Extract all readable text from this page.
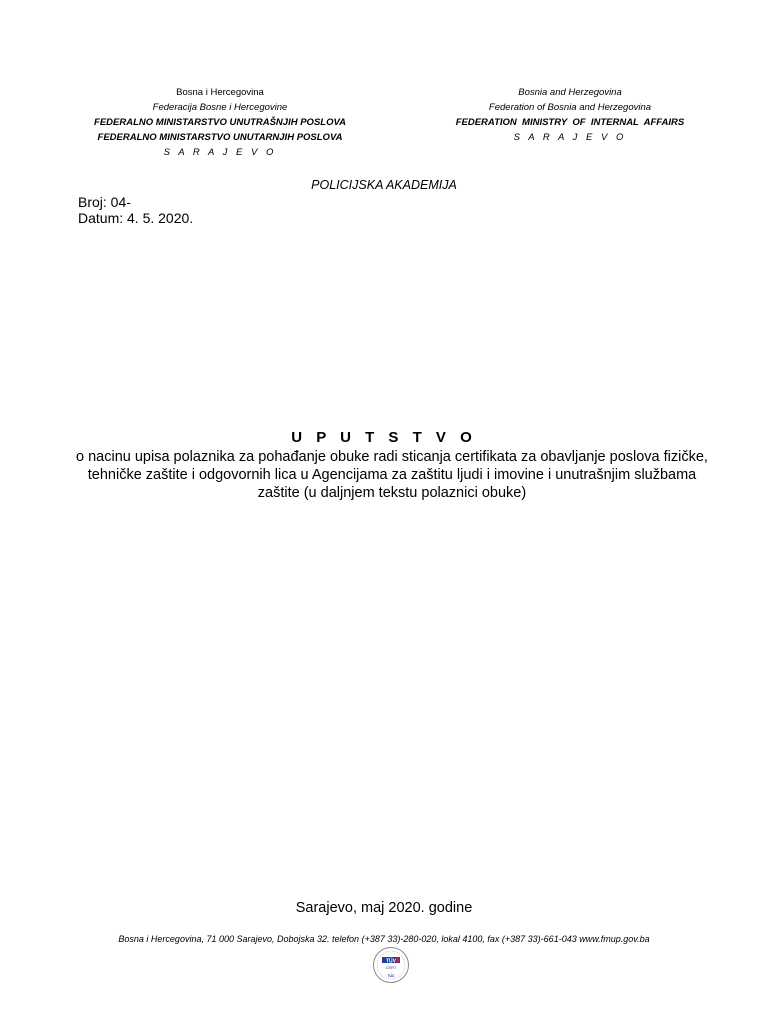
Bosna i Hercegovina
Federacija Bosne i Hercegovine
FEDERALNO MINISTARSTVO UNUTRAŠNJIH POSLOVA
FEDERALNO MINISTARSTVO UNUTARNJIH POSLOVA
S A R A J E V O
Bosnia and Herzegovina
Federation of Bosnia and Herzegovina
FEDERATION  MINISTRY  OF  INTERNAL  AFFAIRS
S A R A J E V O
POLICIJSKA AKADEMIJA
Broj: 04-
Datum: 4. 5. 2020.
U P U T S T V O
o nacinu upisa polaznika za pohađanje obuke radi sticanja certifikata za obavljanje poslova fizičke, tehničke zaštite i odgovornih lica u Agencijama za zaštitu ljudi i imovine i unutrašnjim službama zaštite (u daljnjem tekstu polaznici obuke)
Sarajevo, maj 2020. godine
Bosna i Hercegovina, 71 000 Sarajevo, Dobojska 32. telefon (+387 33)-280-020, lokal 4100, fax (+387 33)-661-043 www.fmup.gov.ba
TÜV
CERT
TÜC
